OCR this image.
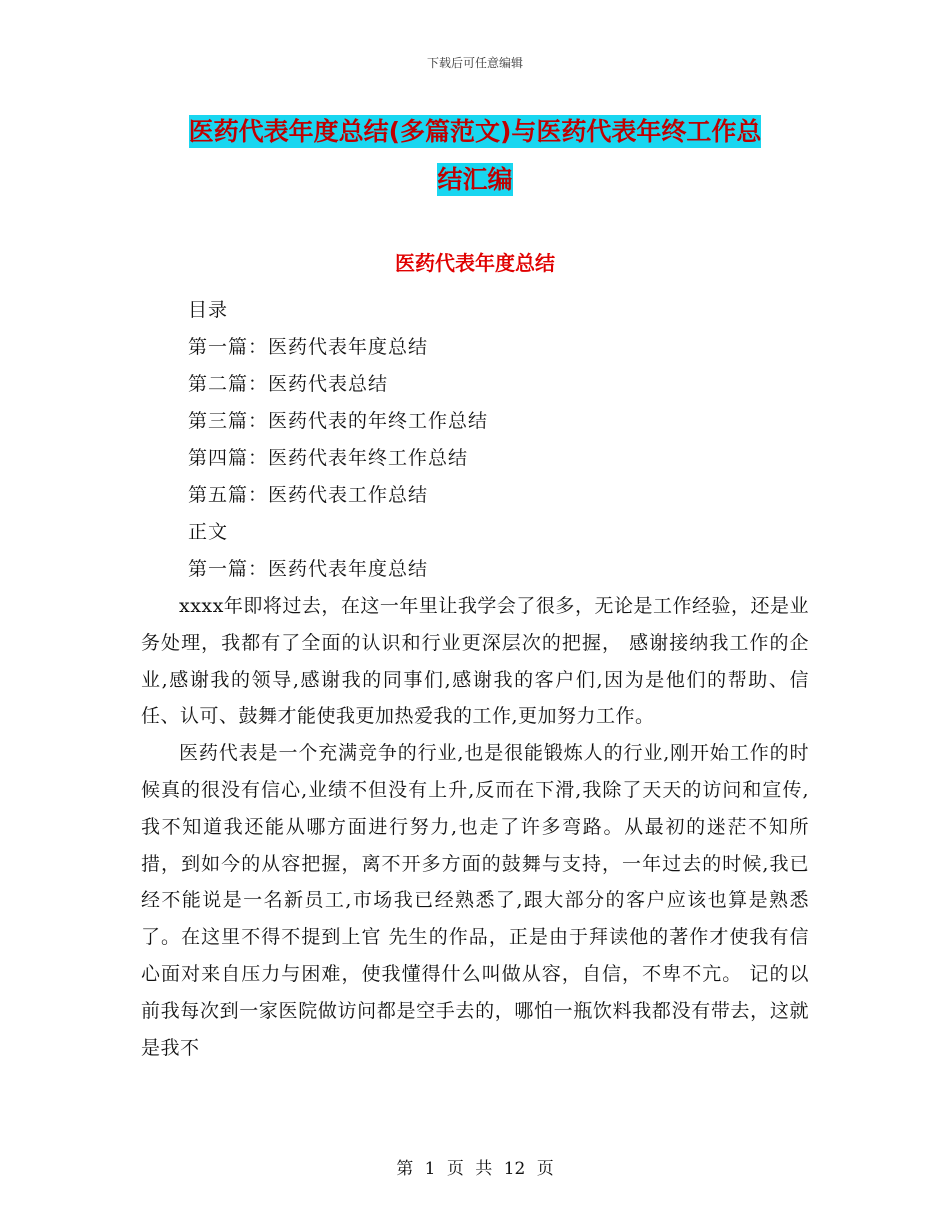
下载后可任意编辑
医药代表年度总结(多篇范文)与医药代表年终工作总
结汇编
医药代表年度总结
目录
第一篇：医药代表年度总结
第二篇：医药代表总结
第三篇：医药代表的年终工作总结
第四篇：医药代表年终工作总结
第五篇：医药代表工作总结
正文
第一篇：医药代表年度总结

xxxx年即将过去，在这一年里让我学会了很多，无论是工作经验，还是业务处理，我都有了全面的认识和行业更深层次的把握， 感谢接纳我工作的企业,感谢我的领导,感谢我的同事们,感谢我的客户们,因为是他们的帮助、信任、认可、鼓舞才能使我更加热爱我的工作,更加努力工作。

医药代表是一个充满竞争的行业,也是很能锻炼人的行业,刚开始工作的时候真的很没有信心,业绩不但没有上升,反而在下滑,我除了天天的访问和宣传,我不知道我还能从哪方面进行努力,也走了许多弯路。从最初的迷茫不知所措，到如今的从容把握，离不开多方面的鼓舞与支持，一年过去的时候,我已经不能说是一名新员工,市场我已经熟悉了,跟大部分的客户应该也算是熟悉了。在这里不得不提到上官 先生的作品，正是由于拜读他的著作才使我有信心面对来自压力与困难，使我懂得什么叫做从容，自信，不卑不亢。 记的以前我每次到一家医院做访问都是空手去的，哪怕一瓶饮料我都没有带去，这就是我不

第 1 页 共 12 页
